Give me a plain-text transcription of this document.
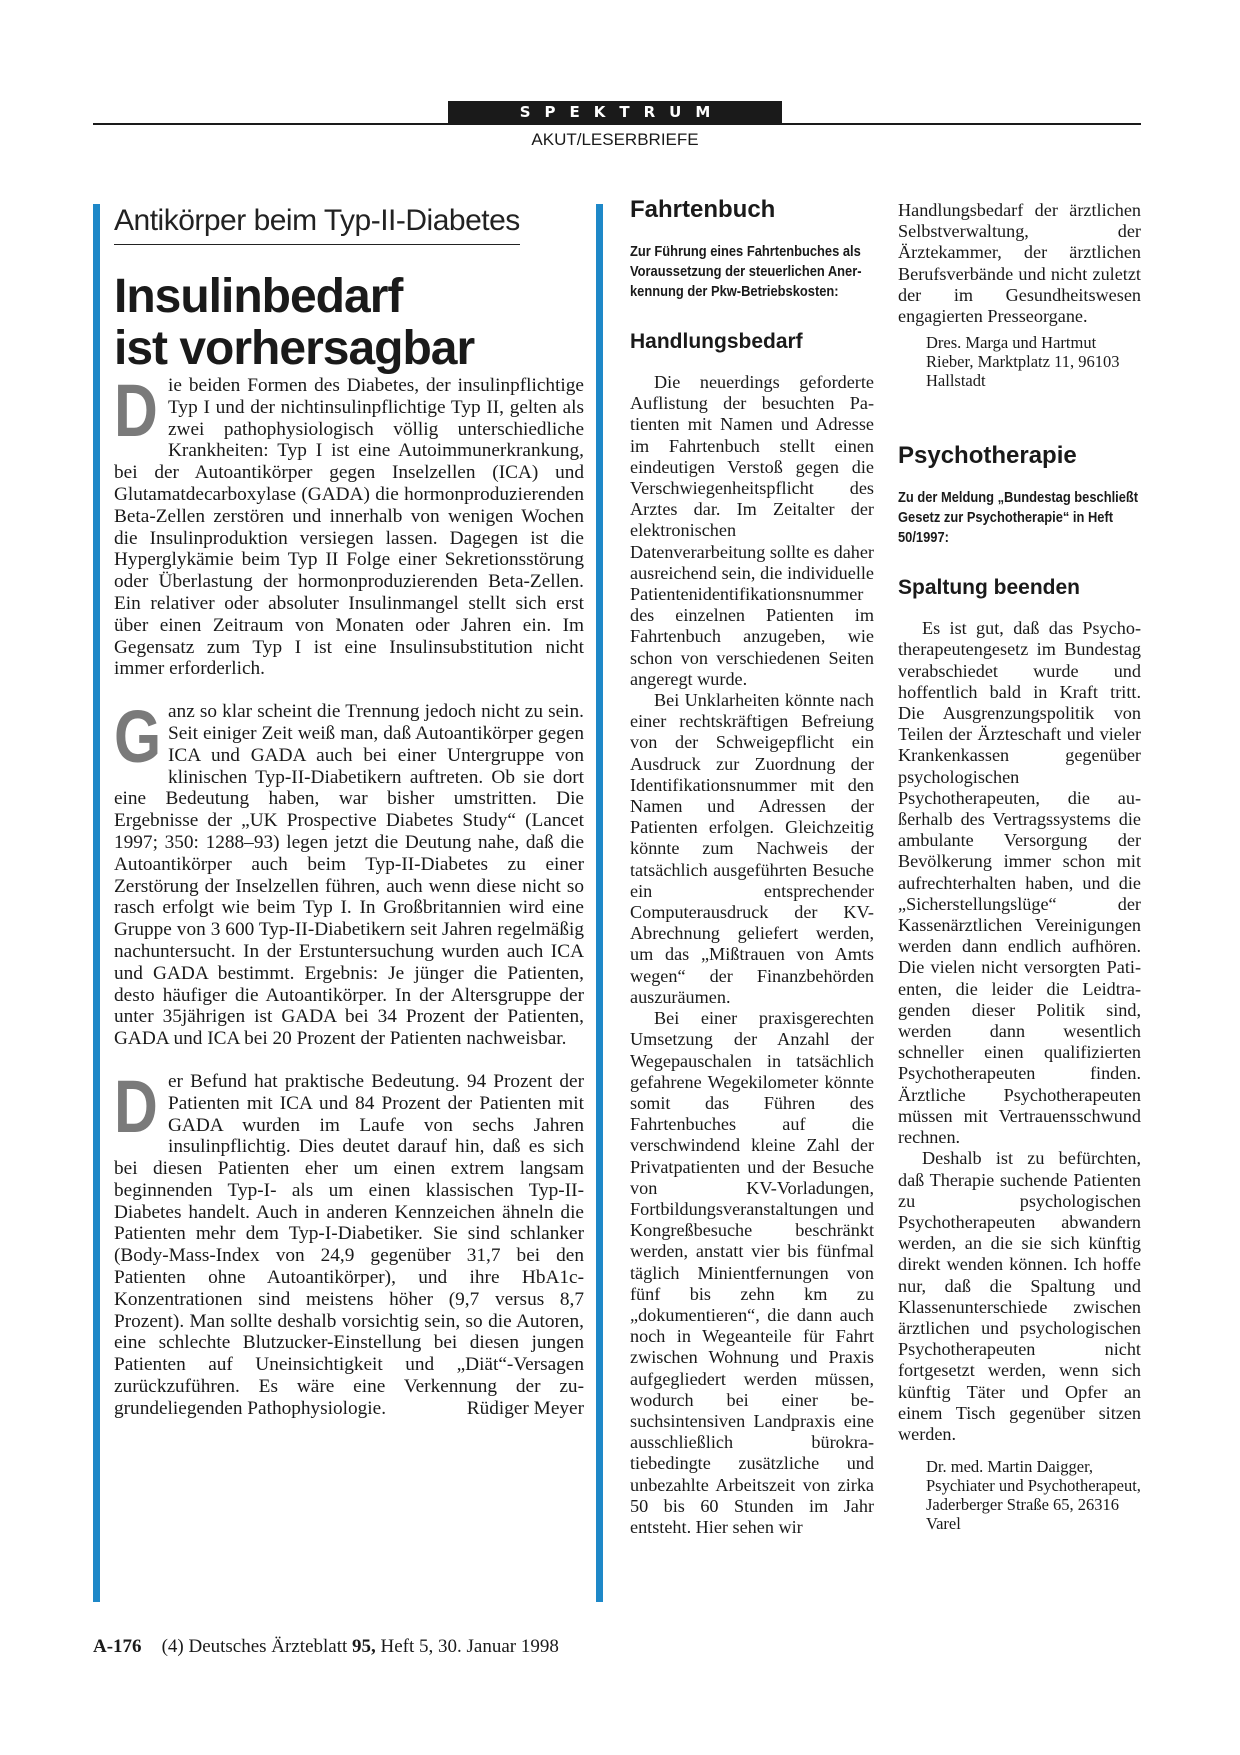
SPEKTRUM
AKUT/LESERBRIEFE
Antikörper beim Typ-II-Diabetes
Insulinbedarf
ist vorhersagbar

Die beiden Formen des Diabetes, der insulinpflichtige Typ I und der nichtinsulinpflichtige Typ II, gelten als zwei pathophysiologisch völlig unterschiedliche Krankheiten: Typ I ist eine Autoimmunerkrankung, bei der Autoantikörper gegen Inselzellen (ICA) und Glutamatdecarboxylase (GADA) die hormonproduzierenden Beta-Zellen zerstören und innerhalb von wenigen Wochen die Insulinproduktion versiegen lassen. Dagegen ist die Hyperglykämie beim Typ II Folge einer Sekretionsstörung oder Überlastung der hormonproduzierenden Beta-Zellen. Ein relativer oder absoluter Insulinmangel stellt sich erst über einen Zeitraum von Monaten oder Jahren ein. Im Gegensatz zum Typ I ist eine Insulinsubstitution nicht immer erforderlich.

Ganz so klar scheint die Trennung jedoch nicht zu sein. Seit einiger Zeit weiß man, daß Autoantikörper gegen ICA und GADA auch bei einer Untergruppe von klinischen Typ-II-Diabetikern auftreten. Ob sie dort eine Bedeutung haben, war bisher umstritten. Die Ergebnisse der „UK Prospective Diabetes Study“ (Lancet 1997; 350: 1288–93) legen jetzt die Deutung nahe, daß die Autoantikörper auch beim Typ-II-Diabetes zu einer Zerstörung der Inselzellen führen, auch wenn diese nicht so rasch erfolgt wie beim Typ I. In Großbritannien wird eine Gruppe von 3 600 Typ-II-Diabetikern seit Jahren regelmäßig nachuntersucht. In der Erstuntersuchung wurden auch ICA und GADA bestimmt. Ergebnis: Je jünger die Patienten, desto häufiger die Autoantikörper. In der Altersgruppe der unter 35jährigen ist GADA bei 34 Prozent der Patienten, GADA und ICA bei 20 Prozent der Patienten nachweisbar.

Der Befund hat praktische Bedeutung. 94 Prozent der Patienten mit ICA und 84 Prozent der Patienten mit GADA wurden im Laufe von sechs Jahren insulinpflichtig. Dies deutet darauf hin, daß es sich bei diesen Patienten eher um einen extrem langsam beginnenden Typ-I- als um einen klassischen Typ-II-Diabetes handelt. Auch in anderen Kennzeichen ähneln die Patienten mehr dem Typ-I-Diabetiker. Sie sind schlanker (Body-Mass-Index von 24,9 gegenüber 31,7 bei den Patienten ohne Autoantikörper), und ihre HbA1c-Konzentrationen sind meistens höher (9,7 versus 8,7 Prozent). Man sollte deshalb vorsichtig sein, so die Autoren, eine schlechte Blutzucker-Einstellung bei diesen jungen Patienten auf Uneinsichtigkeit und „Diät“-Versagen zurückzuführen. Es wäre eine Verkennung der zugrundeliegenden Pathophysiologie.	Rüdiger Meyer

Fahrtenbuch
Zur Führung eines Fahrtenbuches als Voraussetzung der steuerlichen Anerkennung der Pkw-Betriebskosten:
Handlungsbedarf

Die neuerdings geforderte Auflistung der besuchten Patienten mit Namen und Adresse im Fahrtenbuch stellt einen eindeutigen Verstoß gegen die Verschwiegenheitspflicht des Arztes dar. Im Zeitalter der elektronischen Datenverarbeitung sollte es daher ausreichend sein, die individuelle Patientenidentifikationsnummer des einzelnen Patienten im Fahrtenbuch anzugeben, wie schon von verschiedenen Seiten angeregt wurde.

Bei Unklarheiten könnte nach einer rechtskräftigen Befreiung von der Schweigepflicht ein Ausdruck zur Zuordnung der Identifikationsnummer mit den Namen und Adressen der Patienten erfolgen. Gleichzeitig könnte zum Nachweis der tatsächlich ausgeführten Besuche ein entsprechender Computerausdruck der KV-Abrechnung geliefert werden, um das „Mißtrauen von Amts wegen“ der Finanzbehörden auszuräumen.

Bei einer praxisgerechten Umsetzung der Anzahl der Wegepauschalen in tatsächlich gefahrene Wegekilometer könnte somit das Führen des Fahrtenbuches auf die verschwindend kleine Zahl der Privatpatienten und der Besuche von KV-Vorladungen, Fortbildungsveranstaltungen und Kongreßbesuche beschränkt werden, anstatt vier bis fünfmal täglich Minientfernungen von fünf bis zehn km zu „dokumentieren“, die dann auch noch in Wegeanteile für Fahrt zwischen Wohnung und Praxis aufgegliedert werden müssen, wodurch bei einer besuchsintensiven Landpraxis eine ausschließlich bürokratiebedingte zusätzliche und unbezahlte Arbeitszeit von zirka 50 bis 60 Stunden im Jahr entsteht. Hier sehen wir

Handlungsbedarf der ärztlichen Selbstverwaltung, der Ärztekammer, der ärztlichen Berufsverbände und nicht zuletzt der im Gesundheitswesen engagierten Presseorgane.

Dres. Marga und Hartmut Rieber, Marktplatz 11, 96103 Hallstadt
Psychotherapie
Zu der Meldung „Bundestag beschließt Gesetz zur Psychotherapie“ in Heft 50/1997:
Spaltung beenden

Es ist gut, daß das Psychotherapeutengesetz im Bundestag verabschiedet wurde und hoffentlich bald in Kraft tritt. Die Ausgrenzungspolitik von Teilen der Ärzteschaft und vieler Krankenkassen gegenüber psychologischen Psychotherapeuten, die außerhalb des Vertragssystems die ambulante Versorgung der Bevölkerung immer schon mit aufrechterhalten haben, und die „Sicherstellungslüge“ der Kassenärztlichen Vereinigungen werden dann endlich aufhören. Die vielen nicht versorgten Patienten, die leider die Leidtragenden dieser Politik sind, werden dann wesentlich schneller einen qualifizierten Psychotherapeuten finden. Ärztliche Psychotherapeuten müssen mit Vertrauensschwund rechnen.

Deshalb ist zu befürchten, daß Therapie suchende Patienten zu psychologischen Psychotherapeuten abwandern werden, an die sie sich künftig direkt wenden können. Ich hoffe nur, daß die Spaltung und Klassenunterschiede zwischen ärztlichen und psychologischen Psychotherapeuten nicht fortgesetzt werden, wenn sich künftig Täter und Opfer an einem Tisch gegenüber sitzen werden.

Dr. med. Martin Daigger, Psychiater und Psychotherapeut, Jaderberger Straße 65, 26316 Varel
A-176 (4) Deutsches Ärzteblatt 95, Heft 5, 30. Januar 1998
